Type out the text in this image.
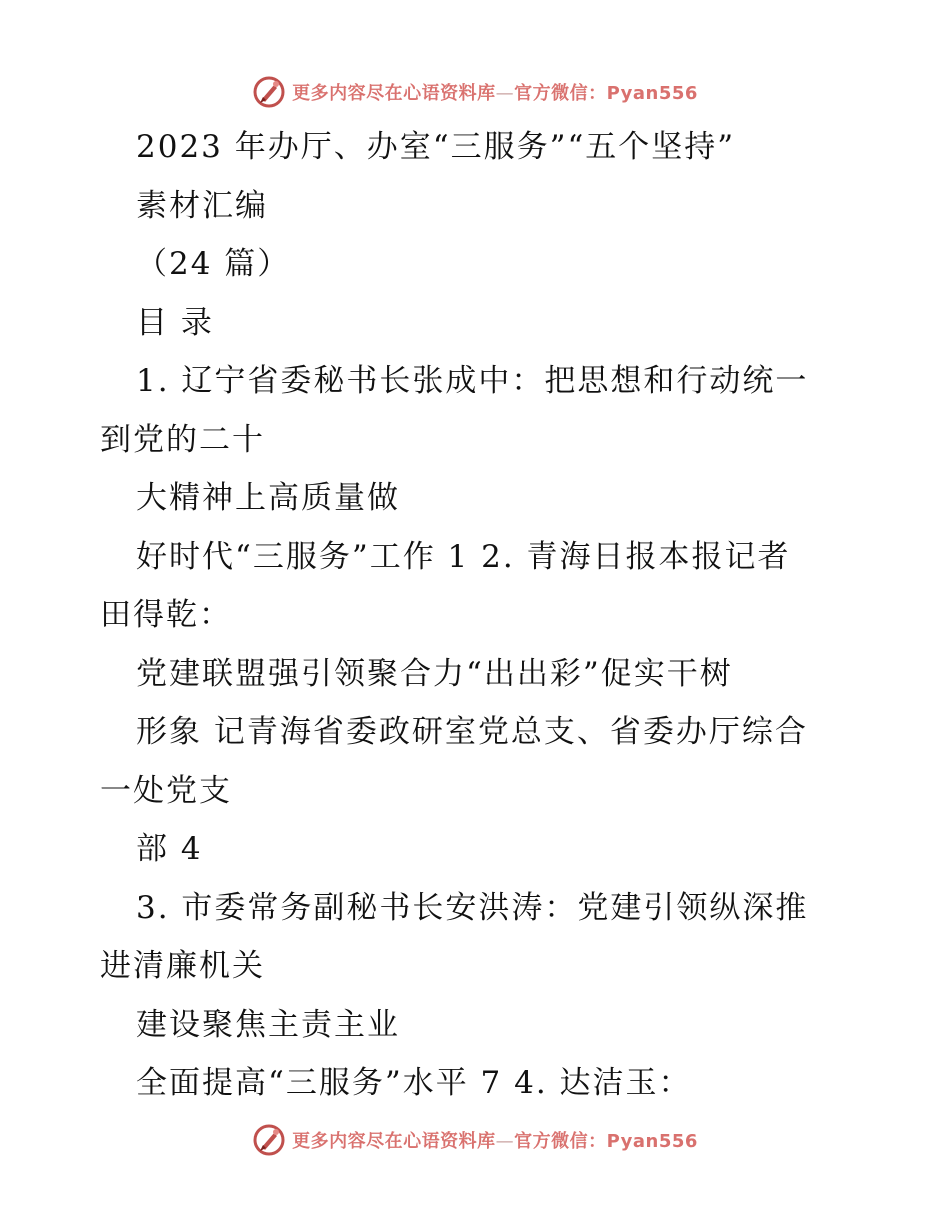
更多内容尽在心语资料库—官方微信：Pyan556
2023 年办厅、办室“三服务”“五个坚持”
素材汇编
（24 篇）
目 录
1. 辽宁省委秘书长张成中：把思想和行动统一
到党的二十
大精神上高质量做
好时代“三服务”工作 1 2. 青海日报本报记者
田得乾：
党建联盟强引领聚合力“出出彩”促实干树
形象 记青海省委政研室党总支、省委办厅综合
一处党支
部 4
3. 市委常务副秘书长安洪涛：党建引领纵深推
进清廉机关
建设聚焦主责主业
全面提高“三服务”水平 7 4. 达洁玉：
更多内容尽在心语资料库—官方微信：Pyan556
